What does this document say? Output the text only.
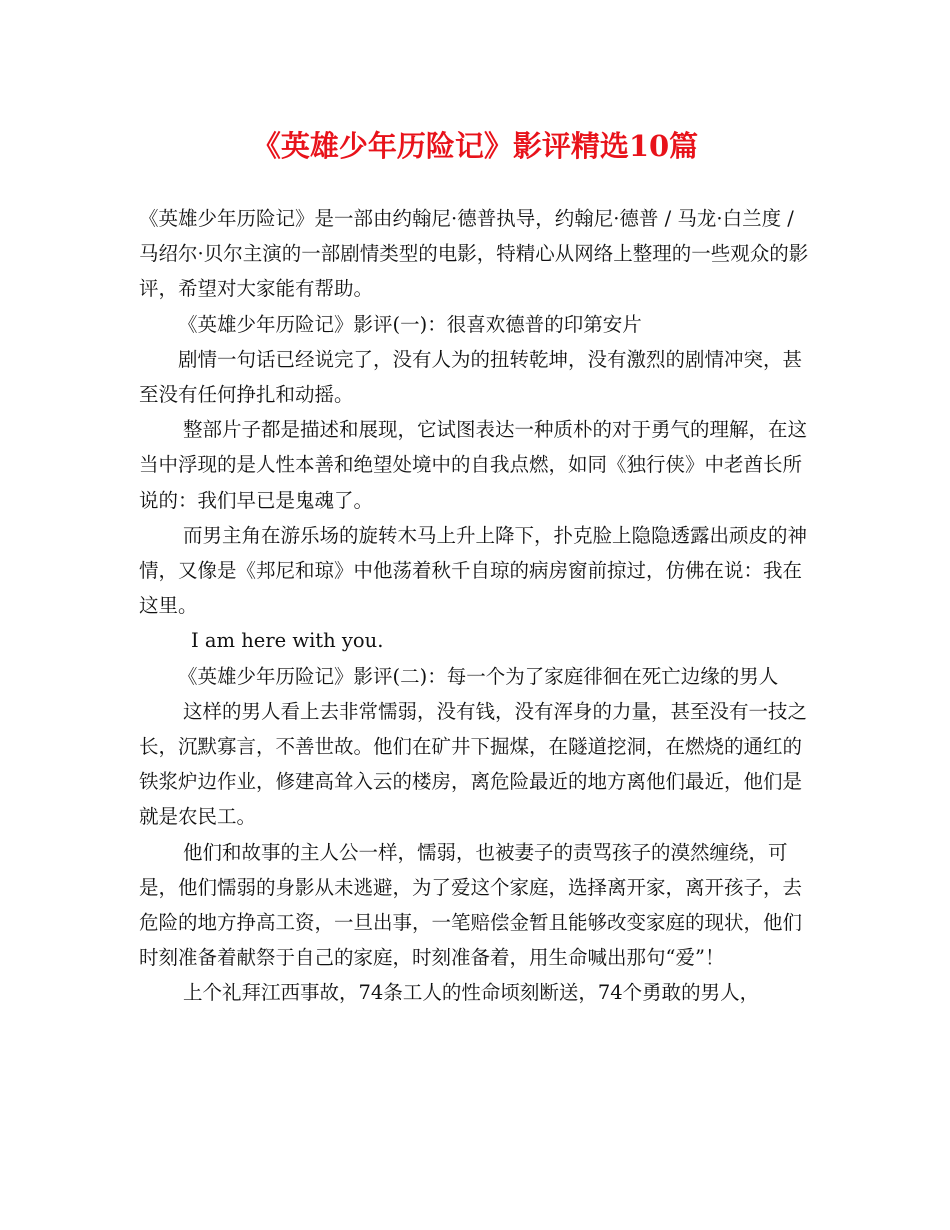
《英雄少年历险记》影评精选10篇

《英雄少年历险记》是一部由约翰尼·德普执导，约翰尼·德普 / 马龙·白兰度 / 马绍尔·贝尔主演的一部剧情类型的电影，特精心从网络上整理的一些观众的影评，希望对大家能有帮助。

《英雄少年历险记》影评(一)：很喜欢德普的印第安片

剧情一句话已经说完了，没有人为的扭转乾坤，没有激烈的剧情冲突，甚至没有任何挣扎和动摇。

整部片子都是描述和展现，它试图表达一种质朴的对于勇气的理解，在这当中浮现的是人性本善和绝望处境中的自我点燃，如同《独行侠》中老酋长所说的：我们早已是鬼魂了。

而男主角在游乐场的旋转木马上升上降下，扑克脸上隐隐透露出顽皮的神情，又像是《邦尼和琼》中他荡着秋千自琼的病房窗前掠过，仿佛在说：我在这里。

I am here with you.

《英雄少年历险记》影评(二)：每一个为了家庭徘徊在死亡边缘的男人

这样的男人看上去非常懦弱，没有钱，没有浑身的力量，甚至没有一技之长，沉默寡言，不善世故。他们在矿井下掘煤，在隧道挖洞，在燃烧的通红的铁浆炉边作业，修建高耸入云的楼房，离危险最近的地方离他们最近，他们是就是农民工。

他们和故事的主人公一样，懦弱，也被妻子的责骂孩子的漠然缠绕，可是，他们懦弱的身影从未逃避，为了爱这个家庭，选择离开家，离开孩子，去危险的地方挣高工资，一旦出事，一笔赔偿金暂且能够改变家庭的现状，他们时刻准备着献祭于自己的家庭，时刻准备着，用生命喊出那句“爱”！

上个礼拜江西事故，74条工人的性命顷刻断送，74个勇敢的男人，
